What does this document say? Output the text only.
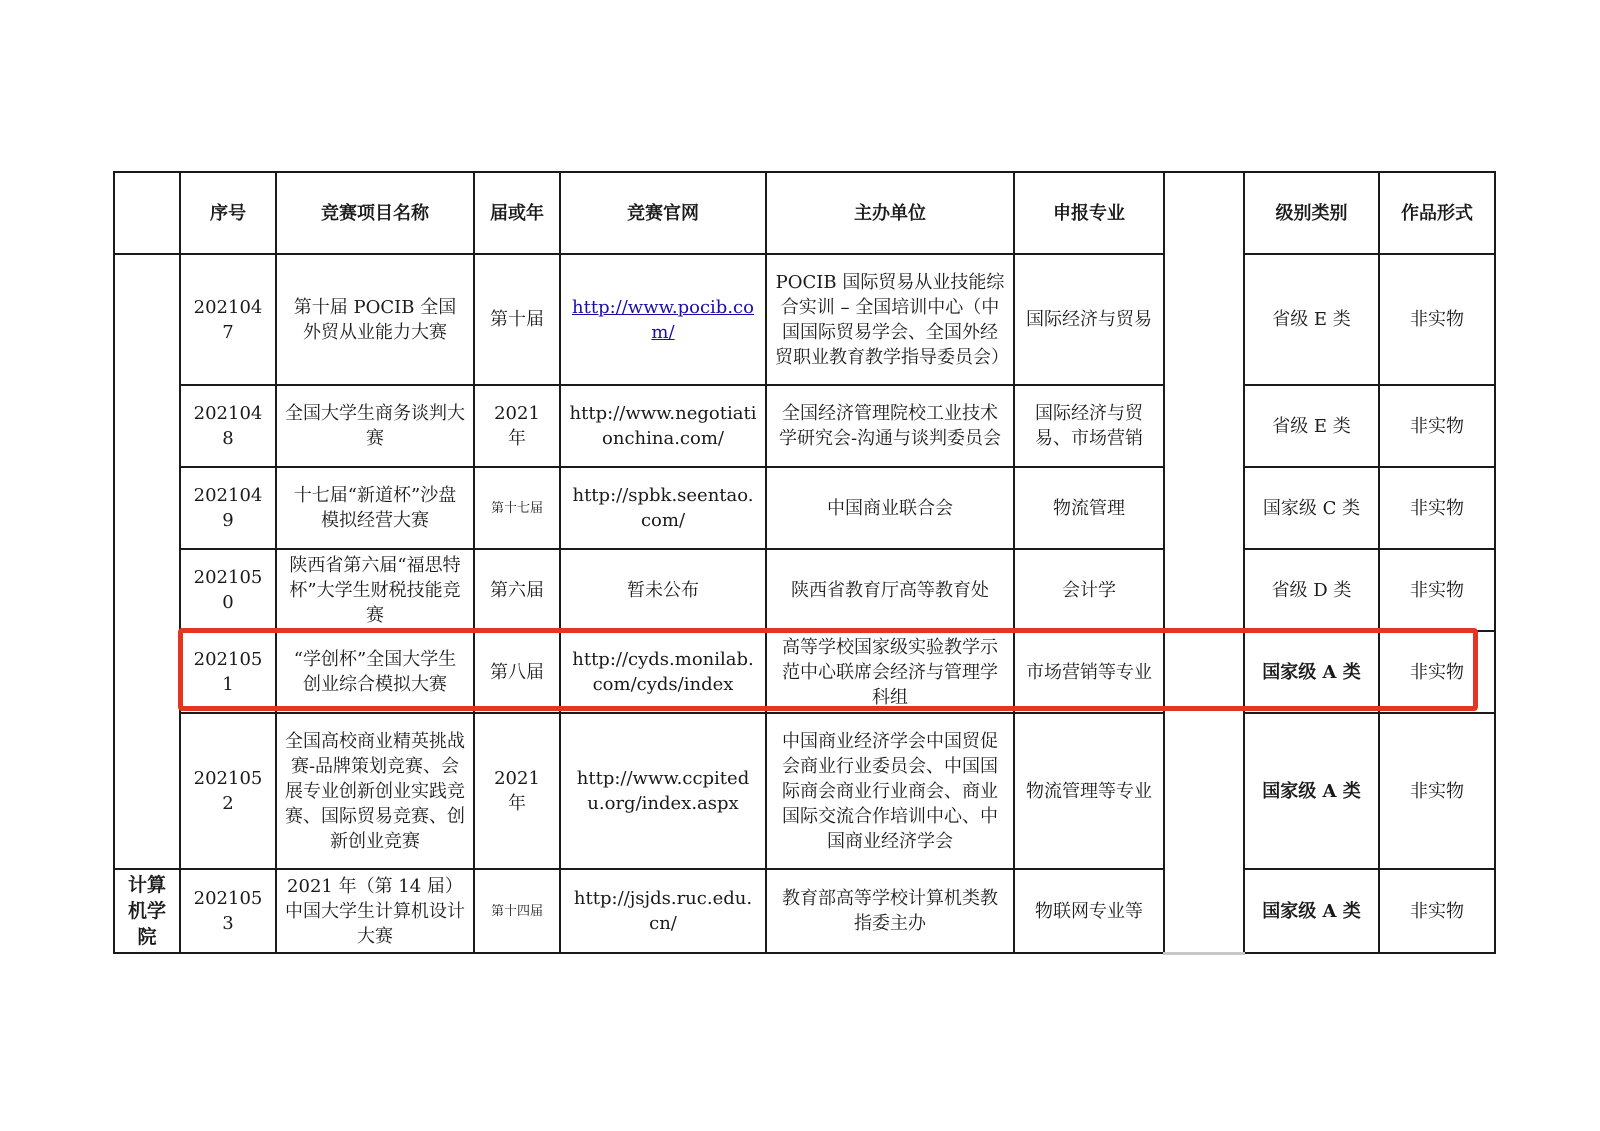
	序号	竞赛项目名称	届或年	竞赛官网	主办单位	申报专业		级别类别	作品形式
	2021047	第十届 POCIB 全国外贸从业能力大赛	第十届	http://www.pocib.com/	POCIB 国际贸易从业技能综合实训 – 全国培训中心（中国国际贸易学会、全国外经贸职业教育教学指导委员会）	国际经济与贸易		省级 E 类	非实物
	2021048	全国大学生商务谈判大赛	2021 年	http://www.negotiationchina.com/	全国经济管理院校工业技术学研究会-沟通与谈判委员会	国际经济与贸易、市场营销		省级 E 类	非实物
	2021049	十七届“新道杯”沙盘模拟经营大赛	第十七届	http://spbk.seentao.com/	中国商业联合会	物流管理		国家级 C 类	非实物
	2021050	陕西省第六届“福思特杯”大学生财税技能竞赛	第六届	暂未公布	陕西省教育厅高等教育处	会计学		省级 D 类	非实物
	2021051	“学创杯”全国大学生创业综合模拟大赛	第八届	http://cyds.monilab.com/cyds/index	高等学校国家级实验教学示范中心联席会经济与管理学科组	市场营销等专业		国家级 A 类	非实物
	2021052	全国高校商业精英挑战赛-品牌策划竞赛、会展专业创新创业实践竞赛、国际贸易竞赛、创新创业竞赛	2021 年	http://www.ccpitedu.org/index.aspx	中国商业经济学会中国贸促会商业行业委员会、中国国际商会商业行业商会、商业国际交流合作培训中心、中国商业经济学会	物流管理等专业		国家级 A 类	非实物
计算机学院	2021053	2021 年（第 14 届）中国大学生计算机设计大赛	第十四届	http://jsjds.ruc.edu.cn/	教育部高等学校计算机类教指委主办	物联网专业等		国家级 A 类	非实物
